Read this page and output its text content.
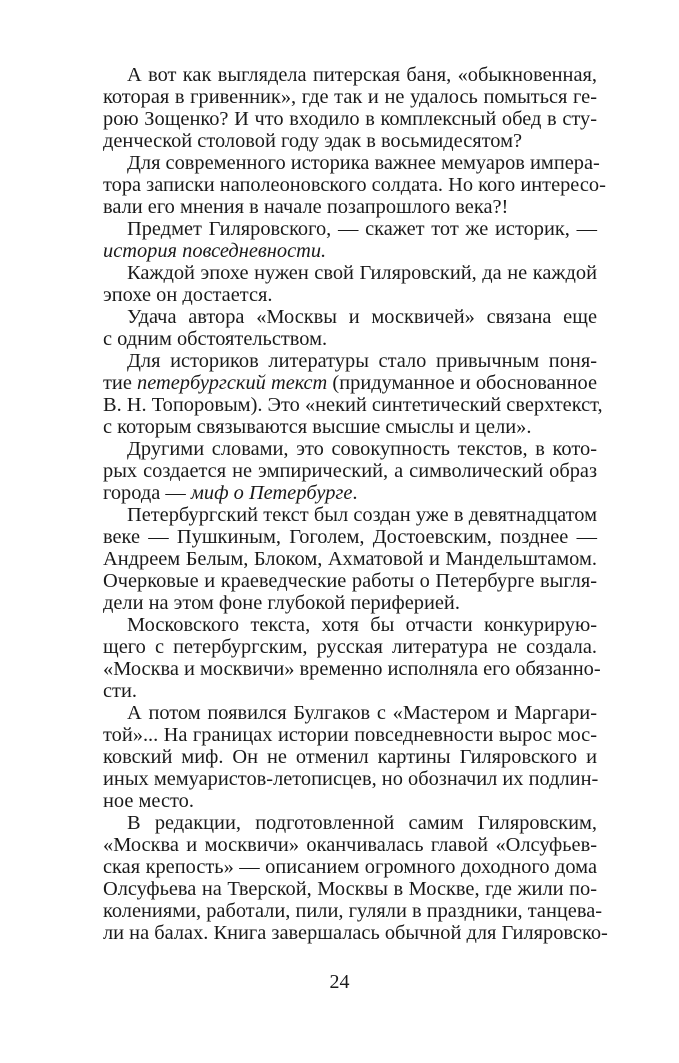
А вот как выглядела питерская баня, «обыкновенная,
которая в гривенник», где так и не удалось помыться ге-
рою Зощенко? И что входило в комплексный обед в сту-
денческой столовой году эдак в восьмидесятом?

Для современного историка важнее мемуаров импера-
тора записки наполеоновского солдата. Но кого интересо-
вали его мнения в начале позапрошлого века?!

Предмет Гиляровского, — скажет тот же историк, —
история повседневности.

Каждой эпохе нужен свой Гиляровский, да не каждой
эпохе он достается.

Удача автора «Москвы и москвичей» связана еще
с одним обстоятельством.

Для историков литературы стало привычным поня-
тие петербургский текст (придуманное и обоснованное
В. Н. Топоровым). Это «некий синтетический сверхтекст,
с которым связываются высшие смыслы и цели».

Другими словами, это совокупность текстов, в кото-
рых создается не эмпирический, а символический образ
города — миф о Петербурге.

Петербургский текст был создан уже в девятнадцатом
веке — Пушкиным, Гоголем, Достоевским, позднее —
Андреем Белым, Блоком, Ахматовой и Мандельштамом.
Очерковые и краеведческие работы о Петербурге выгля-
дели на этом фоне глубокой периферией.

Московского текста, хотя бы отчасти конкурирую-
щего с петербургским, русская литература не создала.
«Москва и москвичи» временно исполняла его обязанно-
сти.

А потом появился Булгаков с «Мастером и Маргари-
той»... На границах истории повседневности вырос мос-
ковский миф. Он не отменил картины Гиляровского и
иных мемуаристов-летописцев, но обозначил их подлин-
ное место.

В редакции, подготовленной самим Гиляровским,
«Москва и москвичи» оканчивалась главой «Олсуфьев-
ская крепость» — описанием огромного доходного дома
Олсуфьева на Тверской, Москвы в Москве, где жили по-
колениями, работали, пили, гуляли в праздники, танцева-
ли на балах. Книга завершалась обычной для Гиляровско-

24
